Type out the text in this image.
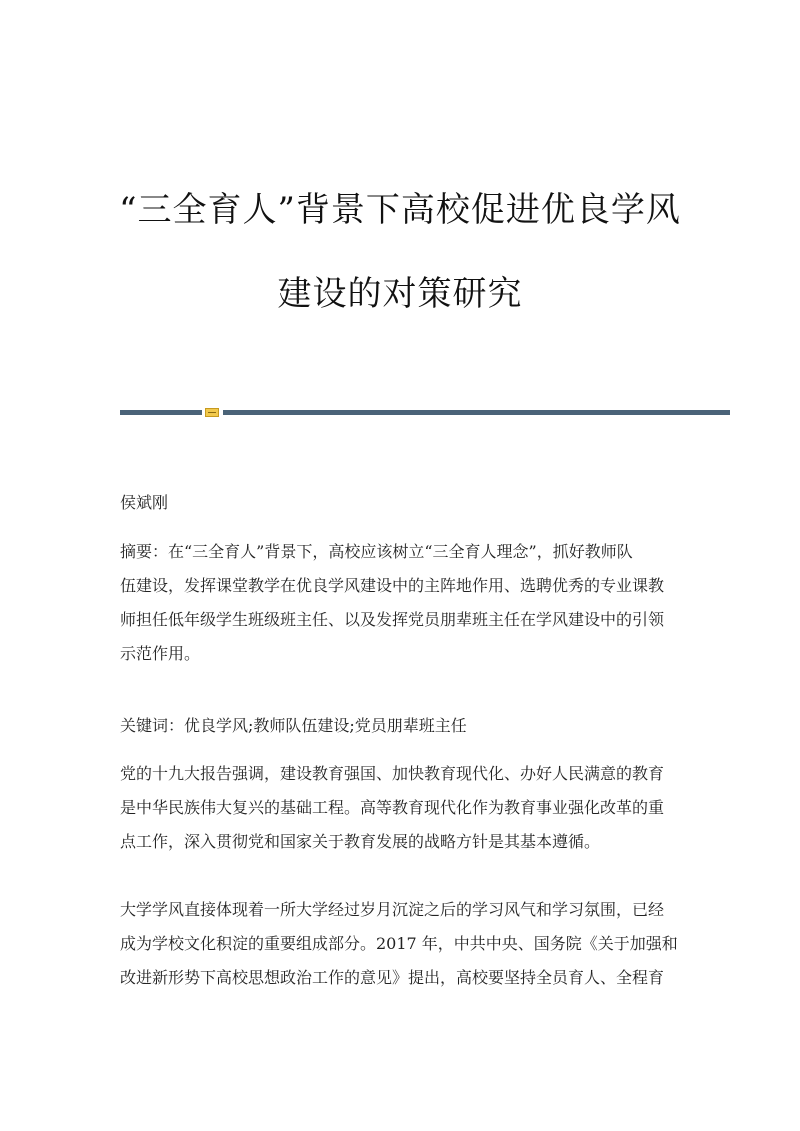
“三全育人”背景下高校促进优良学风
建设的对策研究
侯斌刚
摘要：在“三全育人”背景下，高校应该树立“三全育人理念”，抓好教师队
伍建设，发挥课堂教学在优良学风建设中的主阵地作用、选聘优秀的专业课教
师担任低年级学生班级班主任、以及发挥党员朋辈班主任在学风建设中的引领
示范作用。
关键词：优良学风;教师队伍建设;党员朋辈班主任
党的十九大报告强调，建设教育强国、加快教育现代化、办好人民满意的教育
是中华民族伟大复兴的基础工程。高等教育现代化作为教育事业强化改革的重
点工作，深入贯彻党和国家关于教育发展的战略方针是其基本遵循。
大学学风直接体现着一所大学经过岁月沉淀之后的学习风气和学习氛围，已经
成为学校文化积淀的重要组成部分。2017 年，中共中央、国务院《关于加强和
改进新形势下高校思想政治工作的意见》提出，高校要坚持全员育人、全程育
